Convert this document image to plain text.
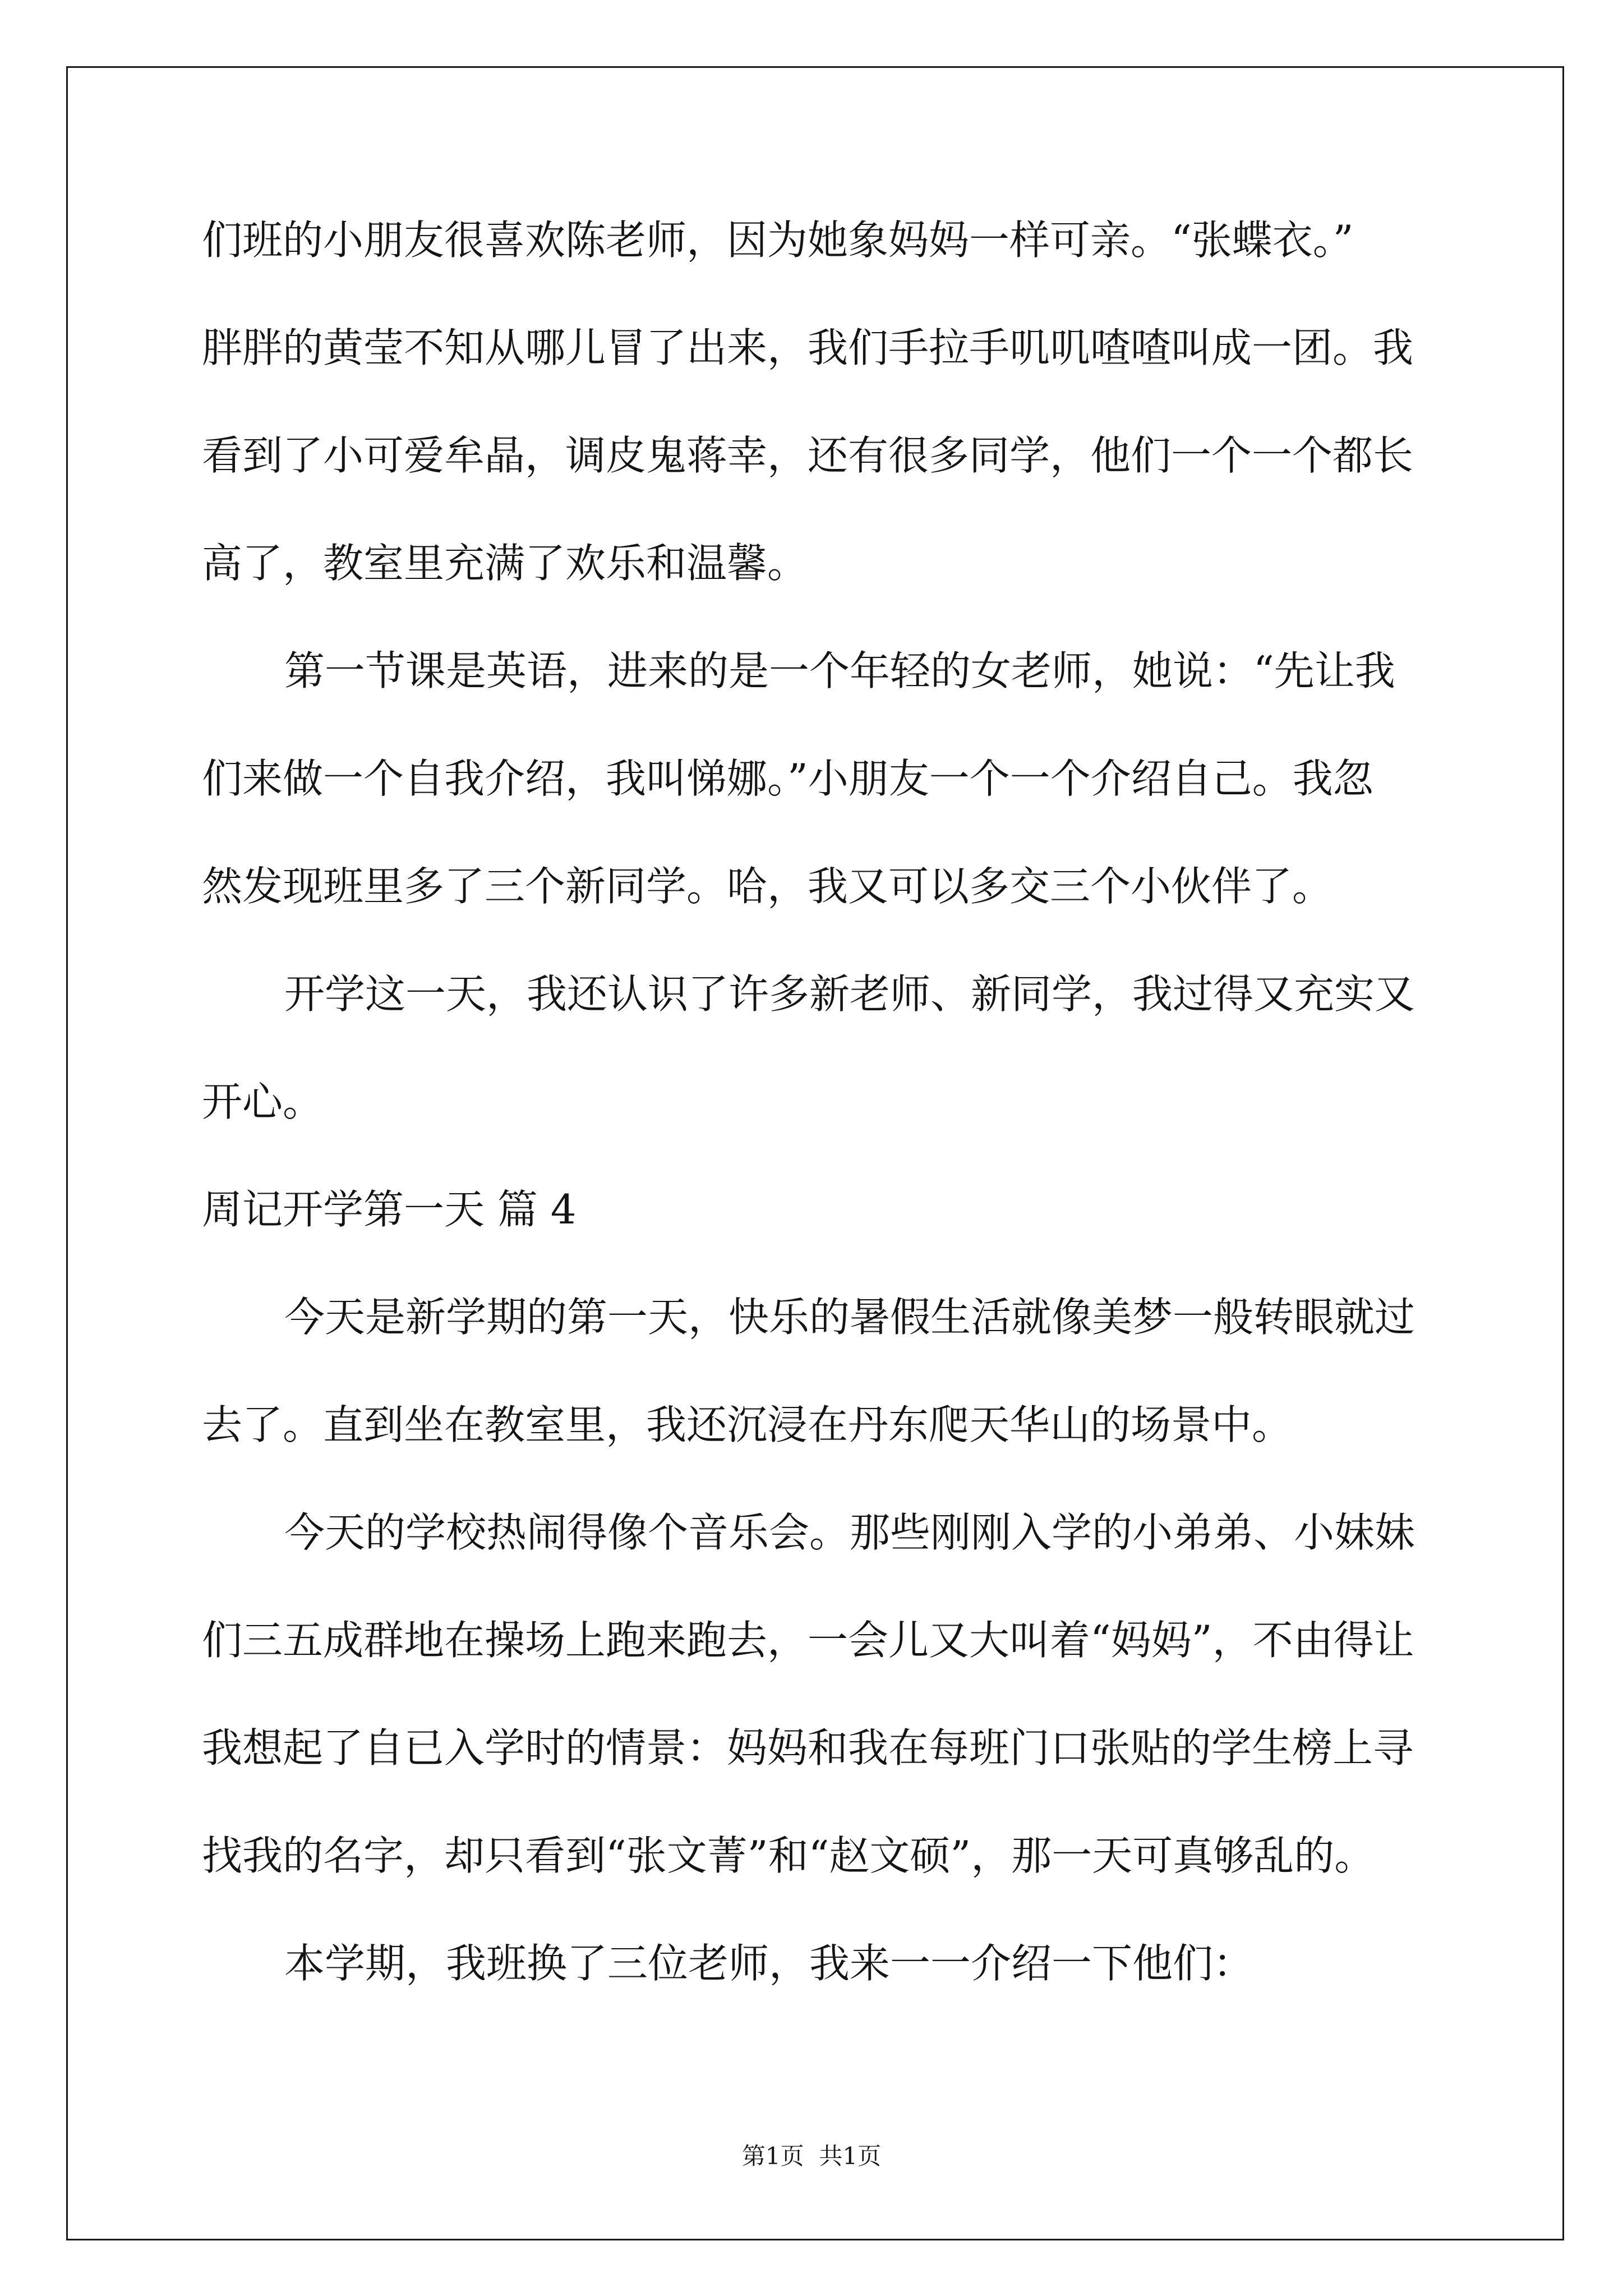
们班的小朋友很喜欢陈老师，因为她象妈妈一样可亲。“张蝶衣。”
胖胖的黄莹不知从哪儿冒了出来，我们手拉手叽叽喳喳叫成一团。我
看到了小可爱牟晶，调皮鬼蒋幸，还有很多同学，他们一个一个都长
高了，教室里充满了欢乐和温馨。
第一节课是英语，进来的是一个年轻的女老师，她说：“先让我
们来做一个自我介绍，我叫悌娜。”小朋友一个一个介绍自己。我忽
然发现班里多了三个新同学。哈，我又可以多交三个小伙伴了。
开学这一天，我还认识了许多新老师、新同学，我过得又充实又
开心。
周记开学第一天 篇 4
今天是新学期的第一天，快乐的暑假生活就像美梦一般转眼就过
去了。直到坐在教室里，我还沉浸在丹东爬天华山的场景中。
今天的学校热闹得像个音乐会。那些刚刚入学的小弟弟、小妹妹
们三五成群地在操场上跑来跑去，一会儿又大叫着“妈妈”，不由得让
我想起了自已入学时的情景：妈妈和我在每班门口张贴的学生榜上寻
找我的名字，却只看到“张文菁”和“赵文硕”，那一天可真够乱的。
本学期，我班换了三位老师，我来一一介绍一下他们：
第1页  共1页
